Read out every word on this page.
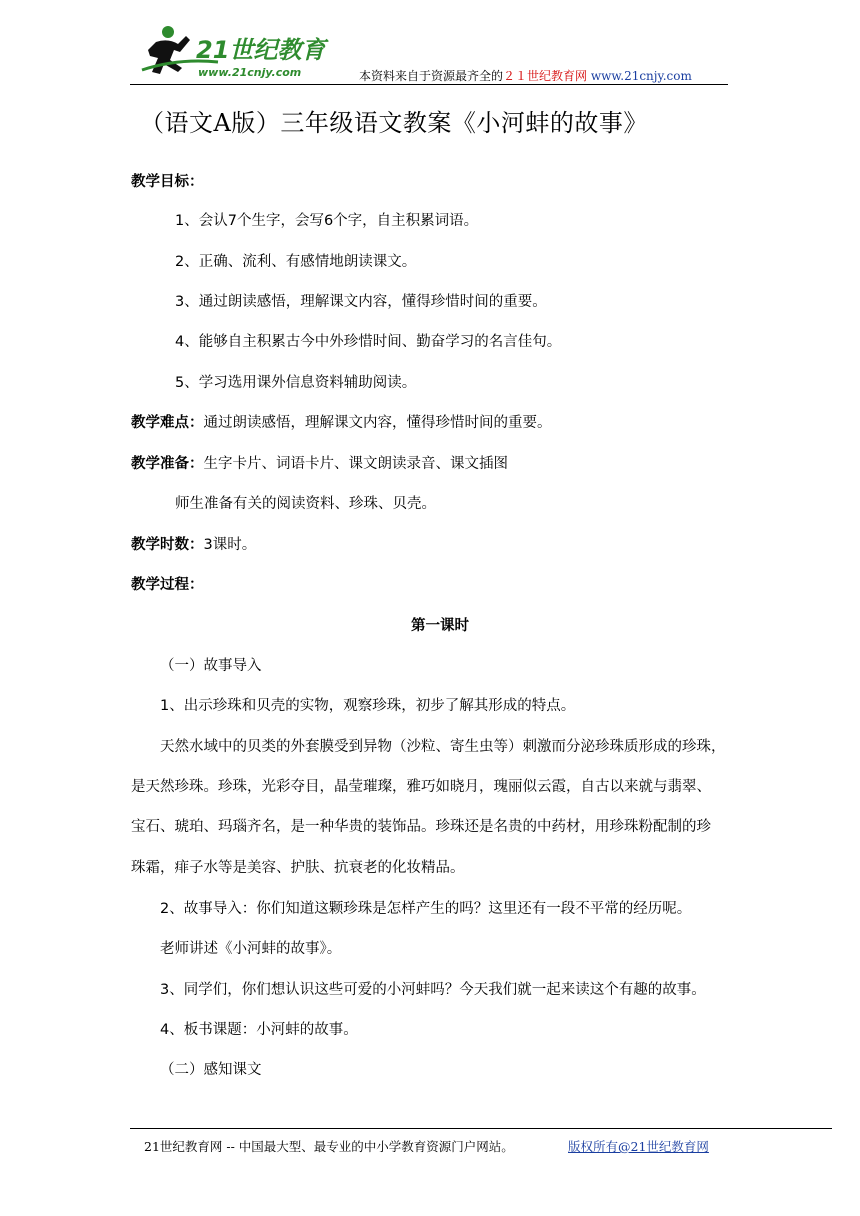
21世纪教育
www.21cnjy.com	本资料来自于资源最齐全的２１世纪教育网 www.21cnjy.com
（语文A版）三年级语文教案《小河蚌的故事》
教学目标：
1、会认7个生字，会写6个字，自主积累词语。
2、正确、流利、有感情地朗读课文。
3、通过朗读感悟，理解课文内容，懂得珍惜时间的重要。
4、能够自主积累古今中外珍惜时间、勤奋学习的名言佳句。
5、学习选用课外信息资料辅助阅读。
教学难点：通过朗读感悟，理解课文内容，懂得珍惜时间的重要。
教学准备：生字卡片、词语卡片、课文朗读录音、课文插图
师生准备有关的阅读资料、珍珠、贝壳。
教学时数：3课时。
教学过程：
第一课时
（一）故事导入
1、出示珍珠和贝壳的实物，观察珍珠，初步了解其形成的特点。
天然水域中的贝类的外套膜受到异物（沙粒、寄生虫等）刺激而分泌珍珠质形成的珍珠，
是天然珍珠。珍珠，光彩夺目，晶莹璀璨，雅巧如晓月，瑰丽似云霞，自古以来就与翡翠、
宝石、琥珀、玛瑙齐名，是一种华贵的装饰品。珍珠还是名贵的中药材，用珍珠粉配制的珍
珠霜，痱子水等是美容、护肤、抗衰老的化妆精品。
2、故事导入：你们知道这颗珍珠是怎样产生的吗？这里还有一段不平常的经历呢。
老师讲述《小河蚌的故事》。
3、同学们，你们想认识这些可爱的小河蚌吗？今天我们就一起来读这个有趣的故事。
4、板书课题：小河蚌的故事。
（二）感知课文
21世纪教育网 -- 中国最大型、最专业的中小学教育资源门户网站。	版权所有@21世纪教育网
